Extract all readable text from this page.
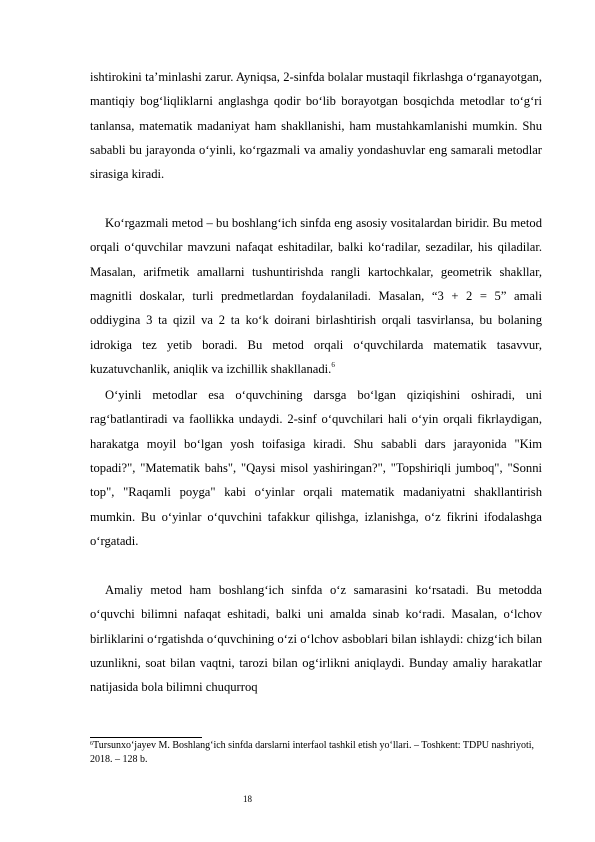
ishtirokini ta’minlashi zarur. Ayniqsa, 2-sinfda bolalar mustaqil fikrlashga o‘rganayotgan, mantiqiy bog‘liqliklarni anglashga qodir bo‘lib borayotgan bosqichda metodlar to‘g‘ri tanlansa, matematik madaniyat ham shakllanishi, ham mustahkamlanishi mumkin. Shu sababli bu jarayonda o‘yinli, ko‘rgazmali va amaliy yondashuvlar eng samarali metodlar sirasiga kiradi.

Ko‘rgazmali metod – bu boshlang‘ich sinfda eng asosiy vositalardan biridir. Bu metod orqali o‘quvchilar mavzuni nafaqat eshitadilar, balki ko‘radilar, sezadilar, his qiladilar. Masalan, arifmetik amallarni tushuntirishda rangli kartochkalar, geometrik shakllar, magnitli doskalar, turli predmetlardan foydalaniladi. Masalan, “3 + 2 = 5” amali oddiygina 3 ta qizil va 2 ta ko‘k doirani birlashtirish orqali tasvirlansa, bu bolaning idrokiga tez yetib boradi. Bu metod orqali o‘quvchilarda matematik tasavvur, kuzatuvchanlik, aniqlik va izchillik shakllanadi.$^6$

O‘yinli metodlar esa o‘quvchining darsga bo‘lgan qiziqishini oshiradi, uni rag‘batlantiradi va faollikka undaydi. 2-sinf o‘quvchilari hali o‘yin orqali fikrlaydigan, harakatga moyil bo‘lgan yosh toifasiga kiradi. Shu sababli dars jarayonida "Kim topadi?", "Matematik bahs", "Qaysi misol yashiringan?", "Topshiriqli jumboq", "Sonni top", "Raqamli poyga" kabi o‘yinlar orqali matematik madaniyatni shakllantirish mumkin. Bu o‘yinlar o‘quvchini tafakkur qilishga, izlanishga, o‘z fikrini ifodalashga o‘rgatadi.

Amaliy metod ham boshlang‘ich sinfda o‘z samarasini ko‘rsatadi. Bu metodda o‘quvchi bilimni nafaqat eshitadi, balki uni amalda sinab ko‘radi. Masalan, o‘lchov birliklarini o‘rgatishda o‘quvchining o‘zi o‘lchov asboblari bilan ishlaydi: chizg‘ich bilan uzunlikni, soat bilan vaqtni, tarozi bilan og‘irlikni aniqlaydi. Bunday amaliy harakatlar natijasida bola bilimni chuqurroq

$^6$Tursunxo‘jayev M. Boshlang‘ich sinfda darslarni interfaol tashkil etish yo‘llari. – Toshkent: TDPU nashriyoti, 2018. – 128 b.

18
